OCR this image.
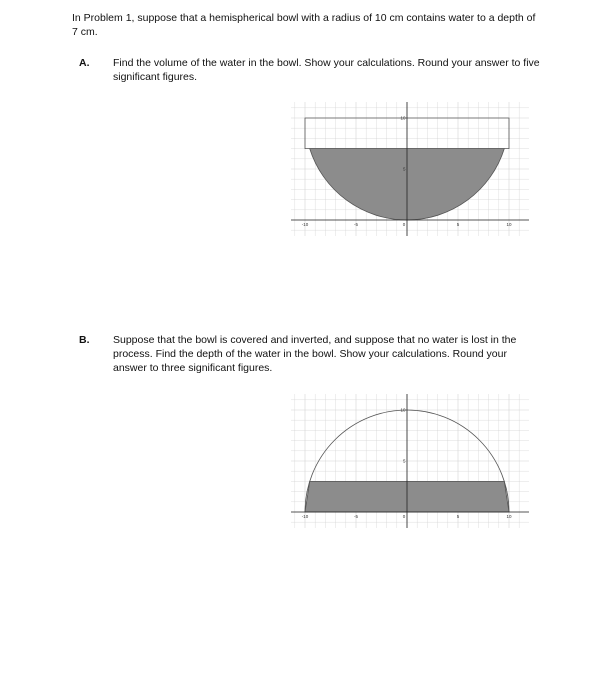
In Problem 1, suppose that a hemispherical bowl with a radius of 10 cm contains water to a depth of 7 cm.
A. Find the volume of the water in the bowl. Show your calculations. Round your answer to five significant figures.
-10	-5	0	5	10
5
10
B. Suppose that the bowl is covered and inverted, and suppose that no water is lost in the process. Find the depth of the water in the bowl. Show your calculations. Round your answer to three significant figures.
-10	-5	0	5	10
5
10
